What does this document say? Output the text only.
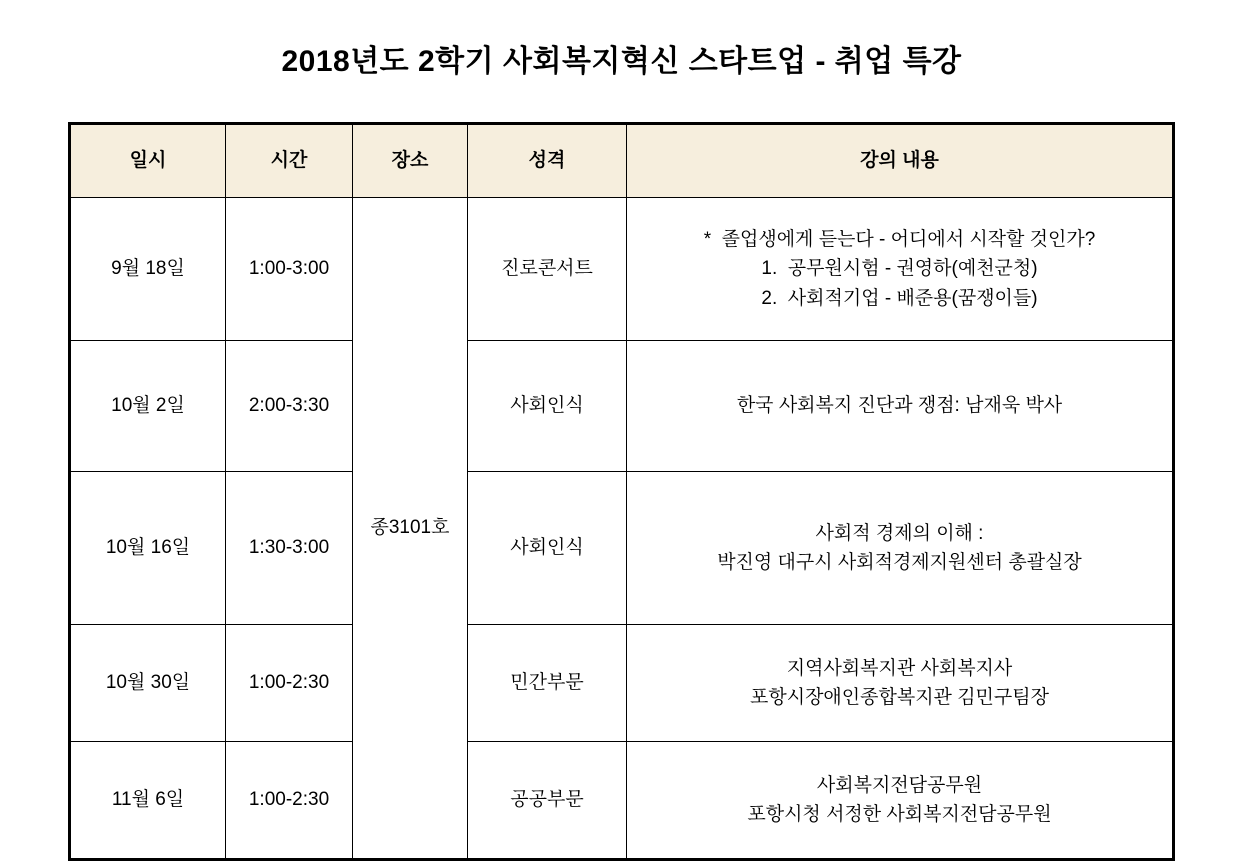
2018년도 2학기 사회복지혁신 스타트업 - 취업 특강
일시	시간	장소	성격	강의 내용
9월 18일	1:00-3:00	종3101호	진로콘서트	*  졸업생에게 듣는다 - 어디에서 시작할 것인가?
1.  공무원시험 - 권영하(예천군청)
2.  사회적기업 - 배준용(꿈쟁이들)

10월 2일	2:00-3:30		사회인식	한국 사회복지 진단과 쟁점: 남재욱 박사

10월 16일	1:30-3:00		사회인식	사회적 경제의 이해 :
박진영 대구시 사회적경제지원센터 총괄실장

10월 30일	1:00-2:30		민간부문	지역사회복지관 사회복지사
포항시장애인종합복지관 김민구팀장

11월 6일	1:00-2:30		공공부문	사회복지전담공무원
포항시청 서정한 사회복지전담공무원
